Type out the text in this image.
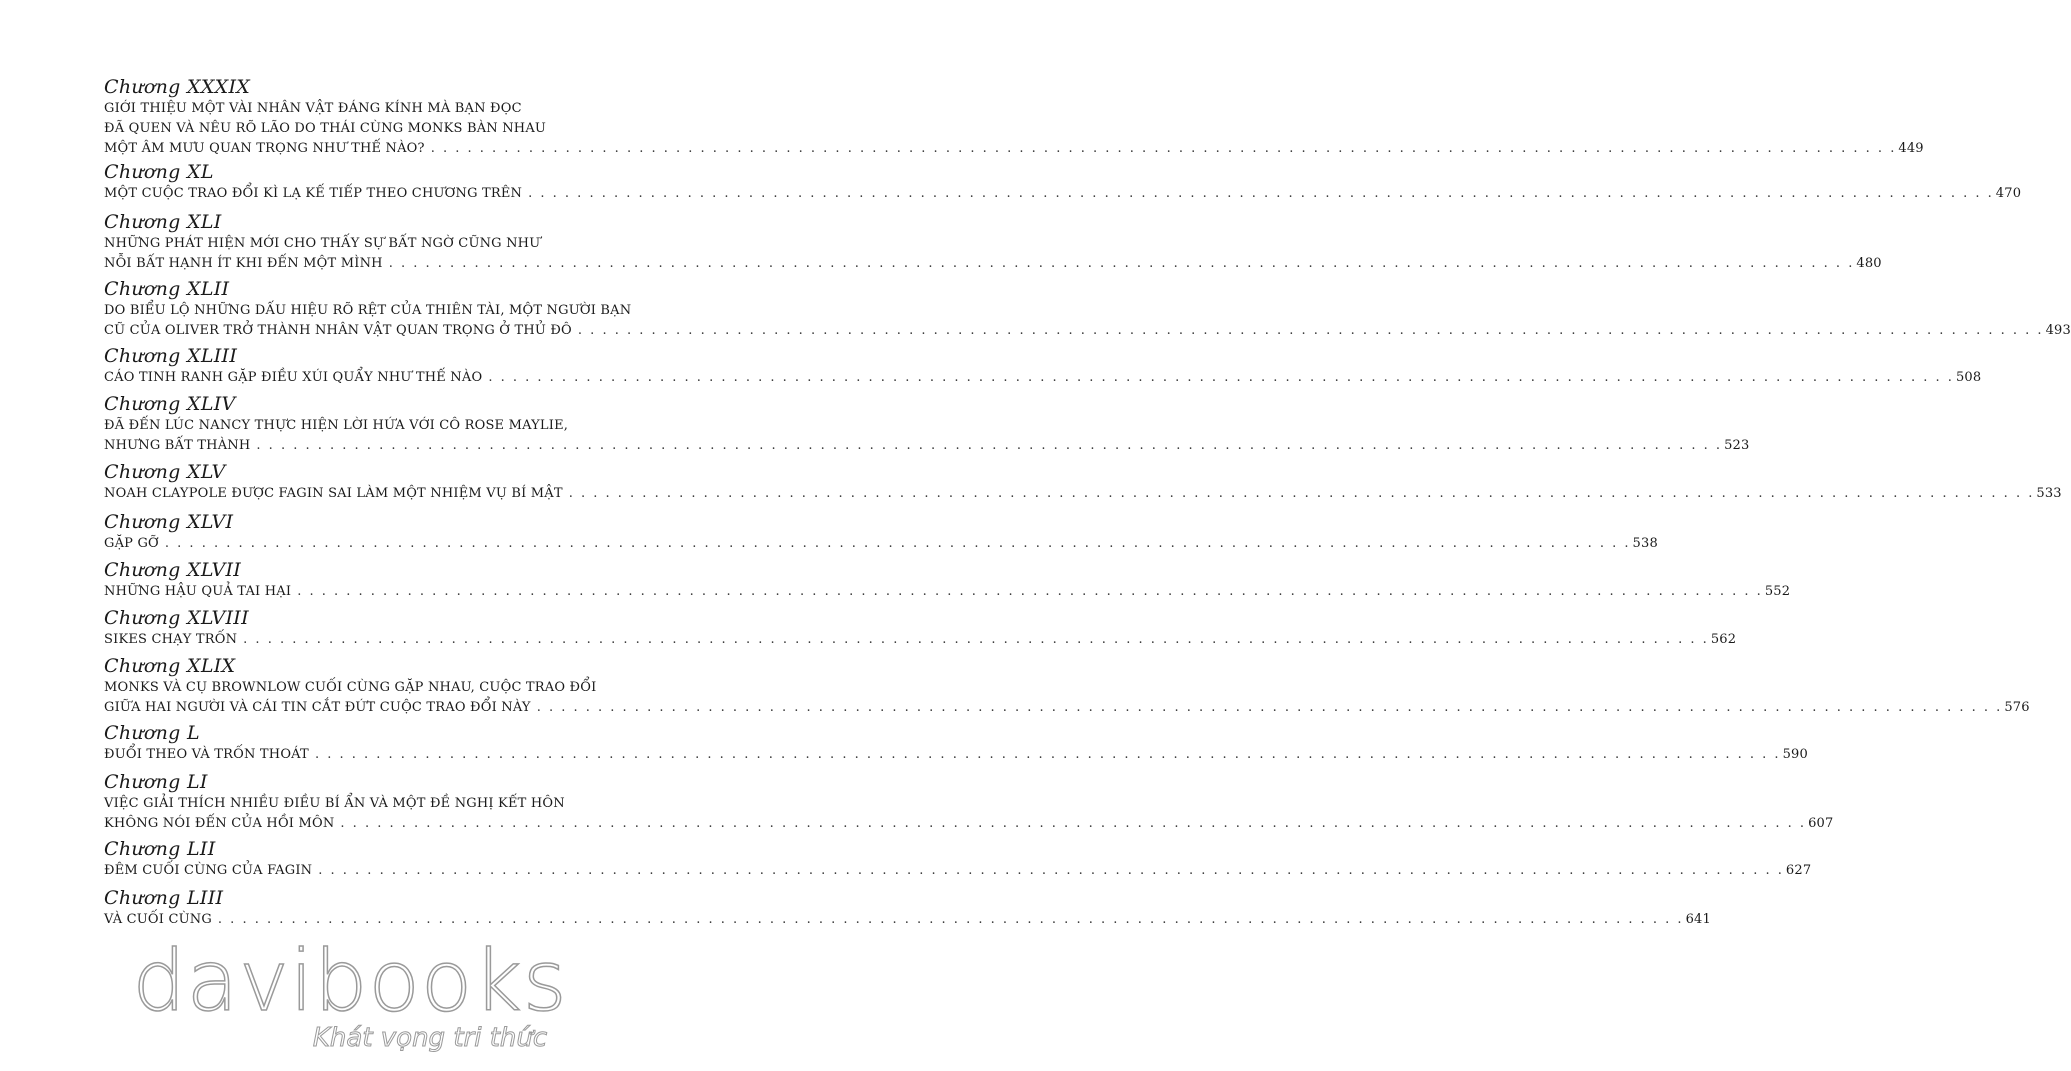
Chương XXXIX
GIỚI THIỆU MỘT VÀI NHÂN VẬT ĐÁNG KÍNH MÀ BẠN ĐỌC
ĐÃ QUEN VÀ NÊU RÕ LÃO DO THÁI CÙNG MONKS BÀN NHAU
MỘT ÂM MƯU QUAN TRỌNG NHƯ THẾ NÀO? . . . . . . . . . . . . . . . . . . . . . . . . . . . . . . . . . . . . . . . . . . . . . . . . . . . . . . . . . . . . . . . . . . . . . . . . . . . . . . . . . . . . . . . . . . . . . . . . . . . . . . . . . . . . . . . . . . . . . . . . 449
Chương XL
MỘT CUỘC TRAO ĐỔI KÌ LẠ KẾ TIẾP THEO CHƯƠNG TRÊN . . . . . . . . . . . . . . . . . . . . . . . . . . . . . . . . . . . . . . . . . . . . . . . . . . . . . . . . . . . . . . . . . . . . . . . . . . . . . . . . . . . . . . . . . . . . . . . . . . . . . . . . . . . . . . . . . . . . . . . . 470
Chương XLI
NHỮNG PHÁT HIỆN MỚI CHO THẤY SỰ BẤT NGỜ CŨNG NHƯ
NỖI BẤT HẠNH ÍT KHI ĐẾN MỘT MÌNH . . . . . . . . . . . . . . . . . . . . . . . . . . . . . . . . . . . . . . . . . . . . . . . . . . . . . . . . . . . . . . . . . . . . . . . . . . . . . . . . . . . . . . . . . . . . . . . . . . . . . . . . . . . . . . . . . . . . . . . . 480
Chương XLII
DO BIỂU LỘ NHỮNG DẤU HIỆU RÕ RỆT CỦA THIÊN TÀI, MỘT NGƯỜI BẠN
CŨ CỦA OLIVER TRỞ THÀNH NHÂN VẬT QUAN TRỌNG Ở THỦ ĐÔ . . . . . . . . . . . . . . . . . . . . . . . . . . . . . . . . . . . . . . . . . . . . . . . . . . . . . . . . . . . . . . . . . . . . . . . . . . . . . . . . . . . . . . . . . . . . . . . . . . . . . . . . . . . . . . . . . . . . . . . . 493
Chương XLIII
CÁO TINH RANH GẶP ĐIỀU XÚI QUẨY NHƯ THẾ NÀO . . . . . . . . . . . . . . . . . . . . . . . . . . . . . . . . . . . . . . . . . . . . . . . . . . . . . . . . . . . . . . . . . . . . . . . . . . . . . . . . . . . . . . . . . . . . . . . . . . . . . . . . . . . . . . . . . . . . . . . . 508
Chương XLIV
ĐÃ ĐẾN LÚC NANCY THỰC HIỆN LỜI HỨA VỚI CÔ ROSE MAYLIE,
NHƯNG BẤT THÀNH . . . . . . . . . . . . . . . . . . . . . . . . . . . . . . . . . . . . . . . . . . . . . . . . . . . . . . . . . . . . . . . . . . . . . . . . . . . . . . . . . . . . . . . . . . . . . . . . . . . . . . . . . . . . . . . . . . . . . . . . 523
Chương XLV
NOAH CLAYPOLE ĐƯỢC FAGIN SAI LÀM MỘT NHIỆM VỤ BÍ MẬT . . . . . . . . . . . . . . . . . . . . . . . . . . . . . . . . . . . . . . . . . . . . . . . . . . . . . . . . . . . . . . . . . . . . . . . . . . . . . . . . . . . . . . . . . . . . . . . . . . . . . . . . . . . . . . . . . . . . . . . . 533
Chương XLVI
GẶP GỠ . . . . . . . . . . . . . . . . . . . . . . . . . . . . . . . . . . . . . . . . . . . . . . . . . . . . . . . . . . . . . . . . . . . . . . . . . . . . . . . . . . . . . . . . . . . . . . . . . . . . . . . . . . . . . . . . . . . . . . . . 538
Chương XLVII
NHỮNG HẬU QUẢ TAI HẠI . . . . . . . . . . . . . . . . . . . . . . . . . . . . . . . . . . . . . . . . . . . . . . . . . . . . . . . . . . . . . . . . . . . . . . . . . . . . . . . . . . . . . . . . . . . . . . . . . . . . . . . . . . . . . . . . . . . . . . . . 552
Chương XLVIII
SIKES CHẠY TRỐN . . . . . . . . . . . . . . . . . . . . . . . . . . . . . . . . . . . . . . . . . . . . . . . . . . . . . . . . . . . . . . . . . . . . . . . . . . . . . . . . . . . . . . . . . . . . . . . . . . . . . . . . . . . . . . . . . . . . . . . . 562
Chương XLIX
MONKS VÀ CỤ BROWNLOW CUỐI CÙNG GẶP NHAU, CUỘC TRAO ĐỔI
GIỮA HAI NGƯỜI VÀ CÁI TIN CẮT ĐỨT CUỘC TRAO ĐỔI NÀY . . . . . . . . . . . . . . . . . . . . . . . . . . . . . . . . . . . . . . . . . . . . . . . . . . . . . . . . . . . . . . . . . . . . . . . . . . . . . . . . . . . . . . . . . . . . . . . . . . . . . . . . . . . . . . . . . . . . . . . . 576
Chương L
ĐUỔI THEO VÀ TRỐN THOÁT . . . . . . . . . . . . . . . . . . . . . . . . . . . . . . . . . . . . . . . . . . . . . . . . . . . . . . . . . . . . . . . . . . . . . . . . . . . . . . . . . . . . . . . . . . . . . . . . . . . . . . . . . . . . . . . . . . . . . . . . 590
Chương LI
VIỆC GIẢI THÍCH NHIỀU ĐIỀU BÍ ẨN VÀ MỘT ĐỀ NGHỊ KẾT HÔN
KHÔNG NÓI ĐẾN CỦA HỒI MÔN . . . . . . . . . . . . . . . . . . . . . . . . . . . . . . . . . . . . . . . . . . . . . . . . . . . . . . . . . . . . . . . . . . . . . . . . . . . . . . . . . . . . . . . . . . . . . . . . . . . . . . . . . . . . . . . . . . . . . . . . 607
Chương LII
ĐÊM CUỐI CÙNG CỦA FAGIN . . . . . . . . . . . . . . . . . . . . . . . . . . . . . . . . . . . . . . . . . . . . . . . . . . . . . . . . . . . . . . . . . . . . . . . . . . . . . . . . . . . . . . . . . . . . . . . . . . . . . . . . . . . . . . . . . . . . . . . . 627
Chương LIII
VÀ CUỐI CÙNG . . . . . . . . . . . . . . . . . . . . . . . . . . . . . . . . . . . . . . . . . . . . . . . . . . . . . . . . . . . . . . . . . . . . . . . . . . . . . . . . . . . . . . . . . . . . . . . . . . . . . . . . . . . . . . . . . . . . . . . . 641
davibooks
Khát vọng tri thức
